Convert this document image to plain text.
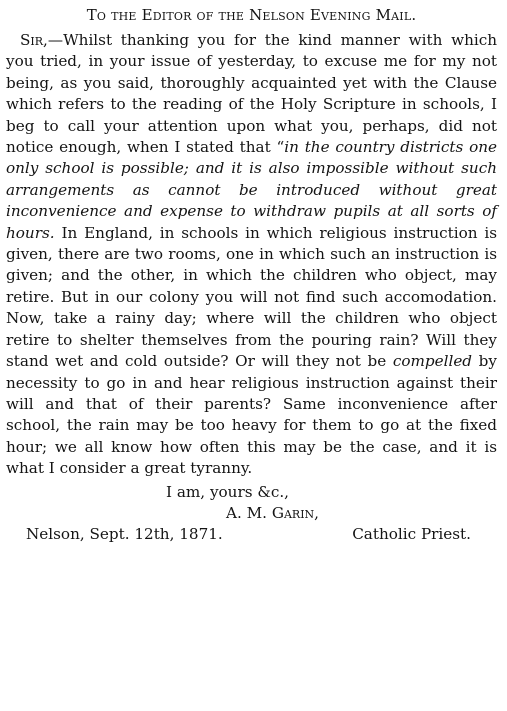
To the Editor of the Nelson Evening Mail.

Sir,—Whilst thanking you for the kind manner with which you tried, in your issue of yesterday, to excuse me for my not being, as you said, thoroughly acquainted yet with the Clause which refers to the reading of the Holy Scripture in schools, I beg to call your attention upon what you, perhaps, did not notice enough, when I stated that “in the country districts one only school is possible; and it is also impossible without such arrangements as cannot be introduced without great inconvenience and expense to withdraw pupils at all sorts of hours. In England, in schools in which religious instruction is given, there are two rooms, one in which such an instruction is given; and the other, in which the children who object, may retire. But in our colony you will not find such accomodation. Now, take a rainy day; where will the children who object retire to shelter themselves from the pouring rain? Will they stand wet and cold outside? Or will they not be compelled by necessity to go in and hear religious instruction against their will and that of their parents? Same inconvenience after school, the rain may be too heavy for them to go at the fixed hour; we all know how often this may be the case, and it is what I consider a great tyranny.

I am, yours &c.,
A. M. Garin,
Nelson, Sept. 12th, 1871.	Catholic Priest.
